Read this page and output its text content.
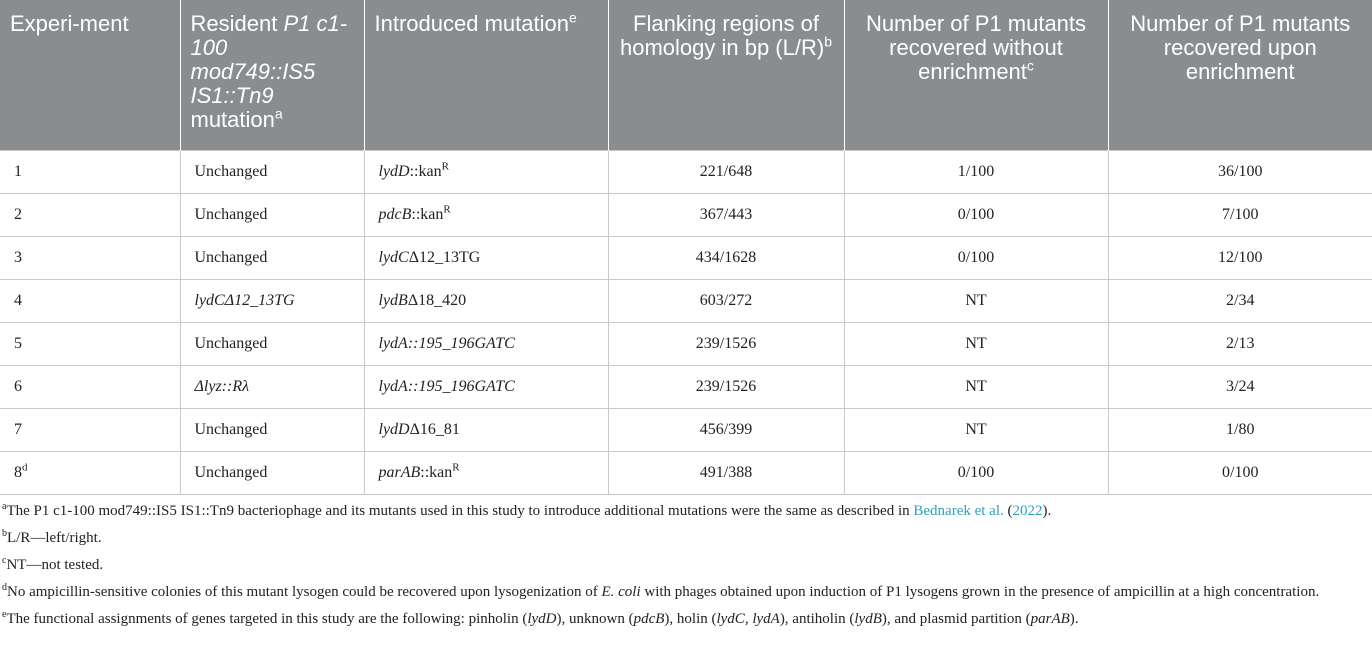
Experi-ment	Resident P1 c1-100 mod749::IS5 IS1::Tn9 mutation$^a$	Introduced mutation$^e$	Flanking regions of homology in bp $(L/R)^b$	Number of P1 mutants recovered without enrichment$^c$	Number of P1 mutants recovered upon enrichment
1	Unchanged	lydD::kan$^R$	221/648	1/100	36/100
2	Unchanged	pdcB::kan$^R$	367/443	0/100	7/100
3	Unchanged	lydCΔ12_13TG	434/1628	0/100	12/100
4	lydCΔ12_13TG	lydBΔ18_420	603/272	NT	2/34
5	Unchanged	lydA::195_196GATC	239/1526	NT	2/13
6	Δlyz::Rλ	lydA::195_196GATC	239/1526	NT	3/24
7	Unchanged	lydDΔ16_81	456/399	NT	1/80
8$^d$	Unchanged	parAB::kan$^R$	491/388	0/100	0/100
$^a$The P1 c1-100 mod749::IS5 IS1::Tn9 bacteriophage and its mutants used in this study to introduce additional mutations were the same as described in Bednarek et al. (2022).
$^b$L/R—left/right.
$^c$NT—not tested.
$^d$No ampicillin-sensitive colonies of this mutant lysogen could be recovered upon lysogenization of E. coli with phages obtained upon induction of P1 lysogens grown in the presence of ampicillin at a high concentration.
$^e$The functional assignments of genes targeted in this study are the following: pinholin (lydD), unknown (pdcB), holin (lydC, lydA), antiholin (lydB), and plasmid partition (parAB).
